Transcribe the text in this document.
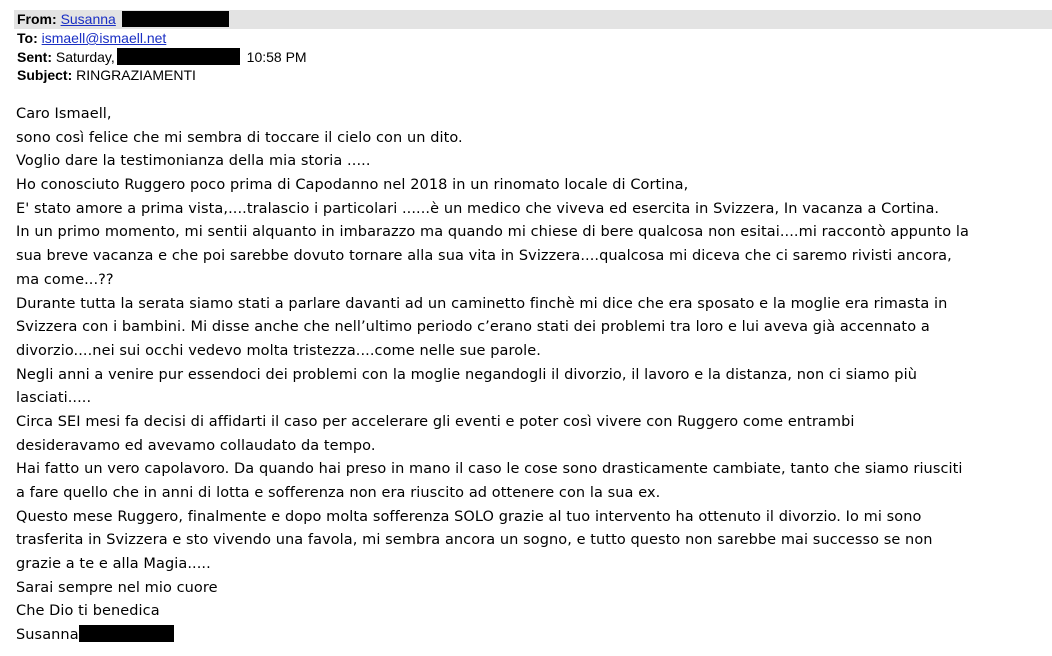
From: Susanna
To: ismaell@ismaell.net
Sent: Saturday,	10:58 PM
Subject: RINGRAZIAMENTI
Caro Ismaell,
sono così felice che mi sembra di toccare il cielo con un dito.
Voglio dare la testimonianza della mia storia .....
Ho conosciuto Ruggero poco prima di Capodanno nel 2018 in un rinomato locale di Cortina,
E' stato amore a prima vista,....tralascio i particolari ......è un medico che viveva ed esercita in Svizzera, In vacanza a Cortina.
In un primo momento, mi sentii alquanto in imbarazzo ma quando mi chiese di bere qualcosa non esitai....mi raccontò appunto la
sua breve vacanza e che poi sarebbe dovuto tornare alla sua vita in Svizzera....qualcosa mi diceva che ci saremo rivisti ancora,
ma come...??
Durante tutta la serata siamo stati a parlare davanti ad un caminetto finchè mi dice che era sposato e la moglie era rimasta in
Svizzera con i bambini. Mi disse anche che nell’ultimo periodo c’erano stati dei problemi tra loro e lui aveva già accennato a
divorzio....nei sui occhi vedevo molta tristezza....come nelle sue parole.
Negli anni a venire pur essendoci dei problemi con la moglie negandogli il divorzio, il lavoro e la distanza, non ci siamo più
lasciati.....
Circa SEI mesi fa decisi di affidarti il caso per accelerare gli eventi e poter così vivere con Ruggero come entrambi
desideravamo ed avevamo collaudato da tempo.
Hai fatto un vero capolavoro. Da quando hai preso in mano il caso le cose sono drasticamente cambiate, tanto che siamo riusciti
a fare quello che in anni di lotta e sofferenza non era riuscito ad ottenere con la sua ex.
Questo mese Ruggero, finalmente e dopo molta sofferenza SOLO grazie al tuo intervento ha ottenuto il divorzio. Io mi sono
trasferita in Svizzera e sto vivendo una favola, mi sembra ancora un sogno, e tutto questo non sarebbe mai successo se non
grazie a te e alla Magia.....
Sarai sempre nel mio cuore
Che Dio ti benedica
Susanna
